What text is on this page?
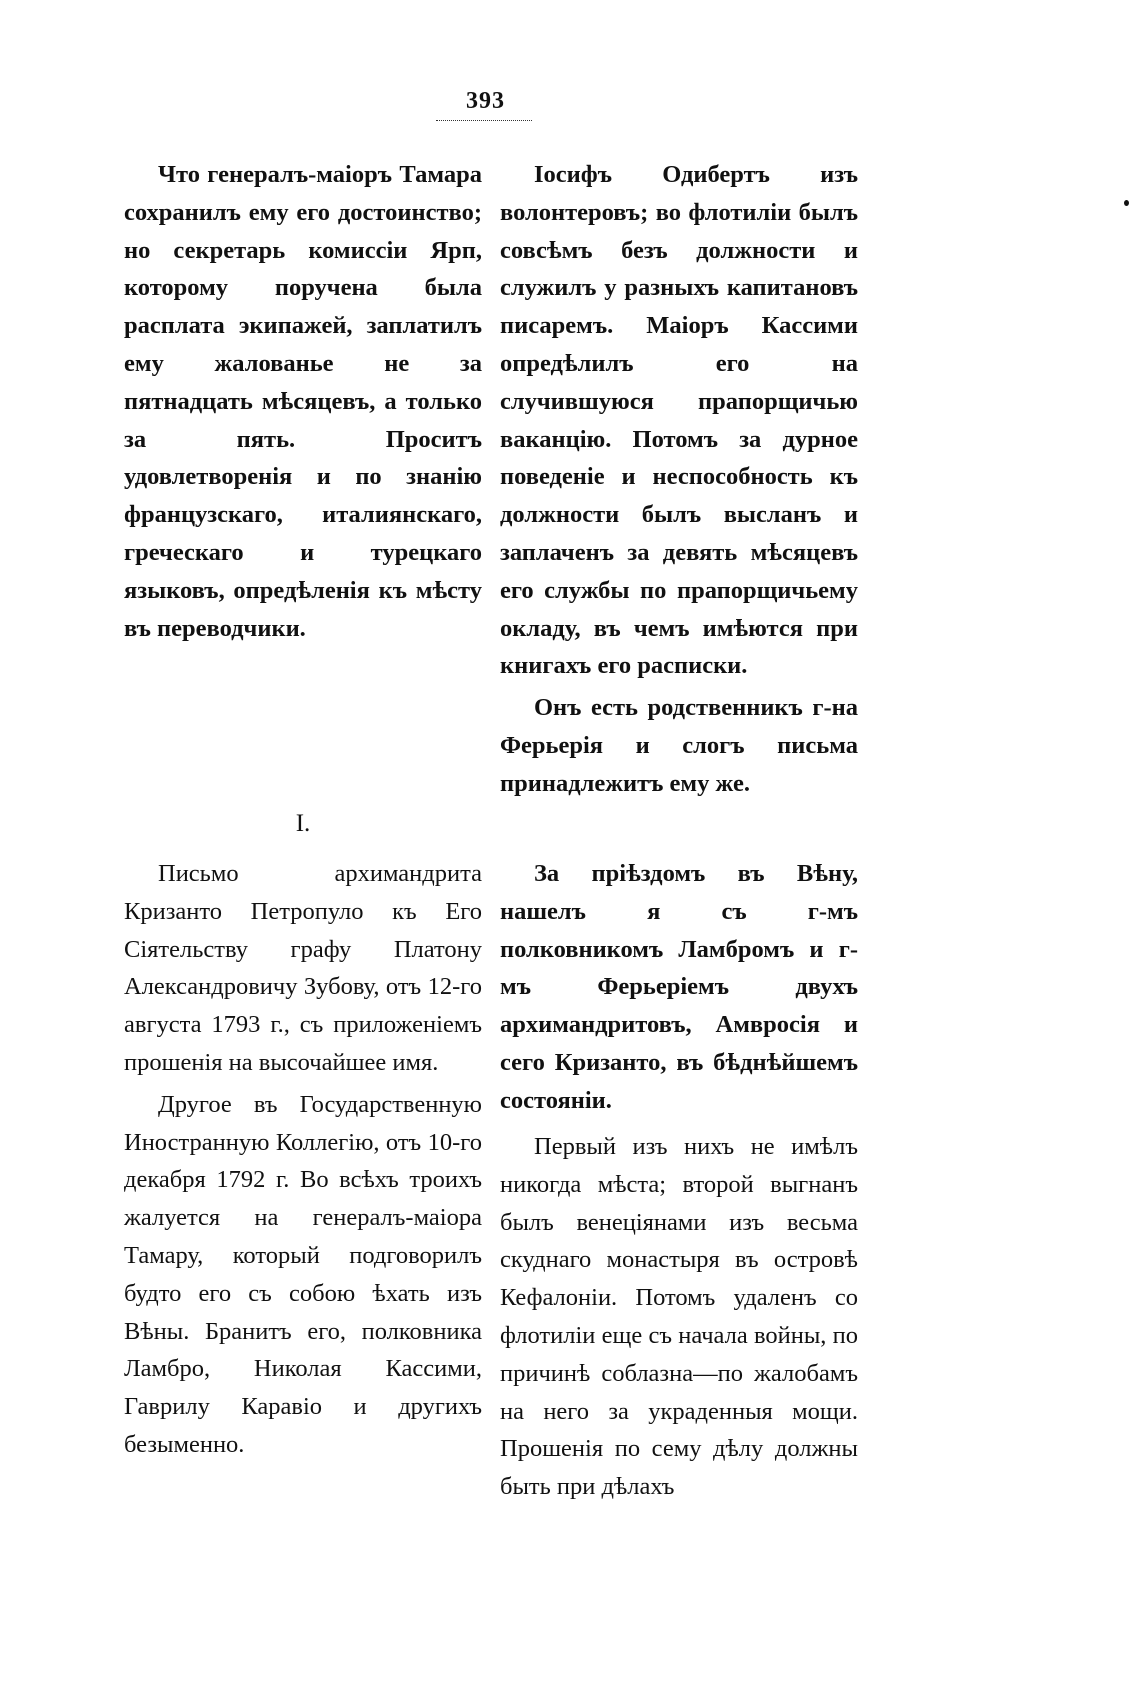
393

Что генералъ-маіоръ Тамара сохранилъ ему его достоинство; но секретарь комиссіи Ярп, которому поручена была расплата экипажей, заплатилъ ему жалованье не за пятнадцать мѣсяцевъ, а только за пять. Проситъ удовлетворенія и по знанію французскаго, италиянскаго, греческаго и турецкаго языковъ, опредѣленія къ мѣсту въ переводчики.

Іосифъ Одибертъ изъ волонтеровъ; во флотиліи былъ совсѣмъ безъ должности и служилъ у разныхъ капитановъ писаремъ. Маіоръ Кассими опредѣлилъ его на случившуюся прапорщичью ваканцію. Потомъ за дурное поведеніе и неспособность къ должности былъ высланъ и заплаченъ за девять мѣсяцевъ его службы по прапорщичьему окладу, въ чемъ имѣются при книгахъ его расписки.

Онъ есть родственникъ г-на Ферьерія и слогъ письма принадлежитъ ему же.

I.

Письмо архимандрита Кризанто Петропуло къ Его Сіятельству графу Платону Александровичу Зубову, отъ 12-го августа 1793 г., съ приложеніемъ прошенія на высочайшее имя.

Другое въ Государственную Иностранную Коллегію, отъ 10-го декабря 1792 г. Во всѣхъ троихъ жалуется на генералъ-маіора Тамару, который подговорилъ будто его съ собою ѣхать изъ Вѣны. Бранитъ его, полковника Ламбро, Николая Кассими, Гаврилу Каравіо и другихъ безыменно.

За пріѣздомъ въ Вѣну, нашелъ я съ г-мъ полковникомъ Ламбромъ и г-мъ Ферьеріемъ двухъ архимандритовъ, Амвросія и сего Кризанто, въ бѣднѣйшемъ состояніи.

Первый изъ нихъ не имѣлъ никогда мѣста; второй выгнанъ былъ венеціянами изъ весьма скуднаго монастыря въ островѣ Кефалоніи. Потомъ удаленъ со флотиліи еще съ начала войны, по причинѣ соблазна—по жалобамъ на него за украденныя мощи. Прошенія по сему дѣлу должны быть при дѣлахъ
